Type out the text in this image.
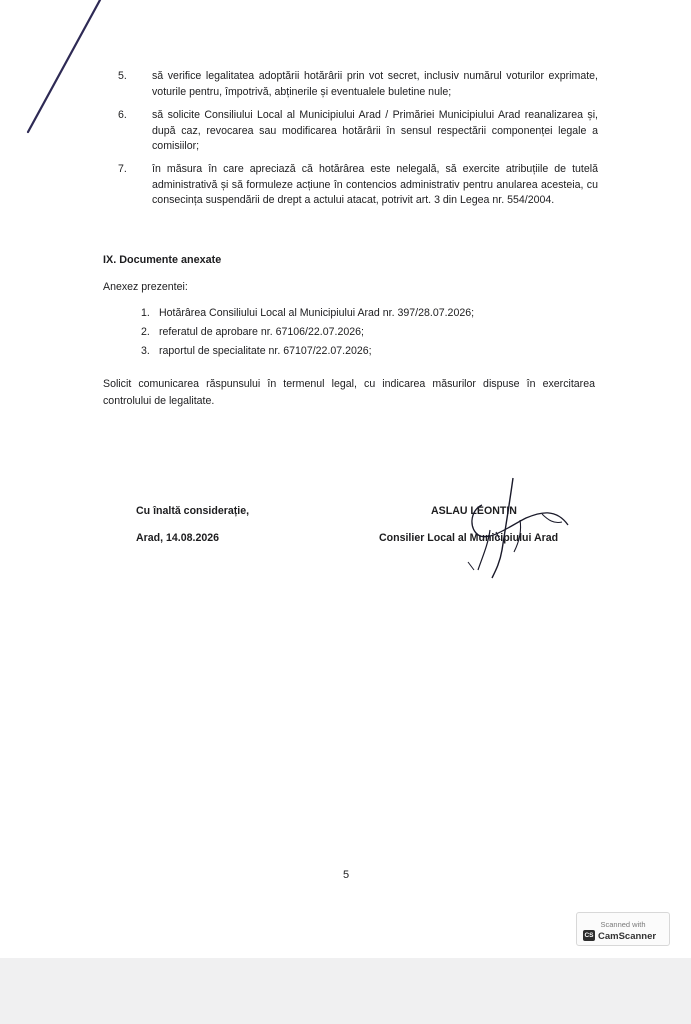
5.	să verifice legalitatea adoptării hotărârii prin vot secret, inclusiv numărul voturilor exprimate, voturile pentru, împotrivă, abținerile și eventualele buletine nule;
6.	să solicite Consiliului Local al Municipiului Arad / Primăriei Municipiului Arad reanalizarea și, după caz, revocarea sau modificarea hotărârii în sensul respectării componenței legale a comisiilor;
7.	în măsura în care apreciază că hotărârea este nelegală, să exercite atribuțiile de tutelă administrativă și să formuleze acțiune în contencios administrativ pentru anularea acesteia, cu consecința suspendării de drept a actului atacat, potrivit art. 3 din Legea nr. 554/2004.
IX. Documente anexate
Anexez prezentei:
1. Hotărârea Consiliului Local al Municipiului Arad nr. 397/28.07.2026;
2. referatul de aprobare nr. 67106/22.07.2026;
3. raportul de specialitate nr. 67107/22.07.2026;
Solicit comunicarea răspunsului în termenul legal, cu indicarea măsurilor dispuse în exercitarea controlului de legalitate.
Cu înaltă considerație,
Arad, 14.08.2026
ASLAU LEONTIN
Consilier Local al Municipiului Arad
5
Scanned with
CS CamScanner
